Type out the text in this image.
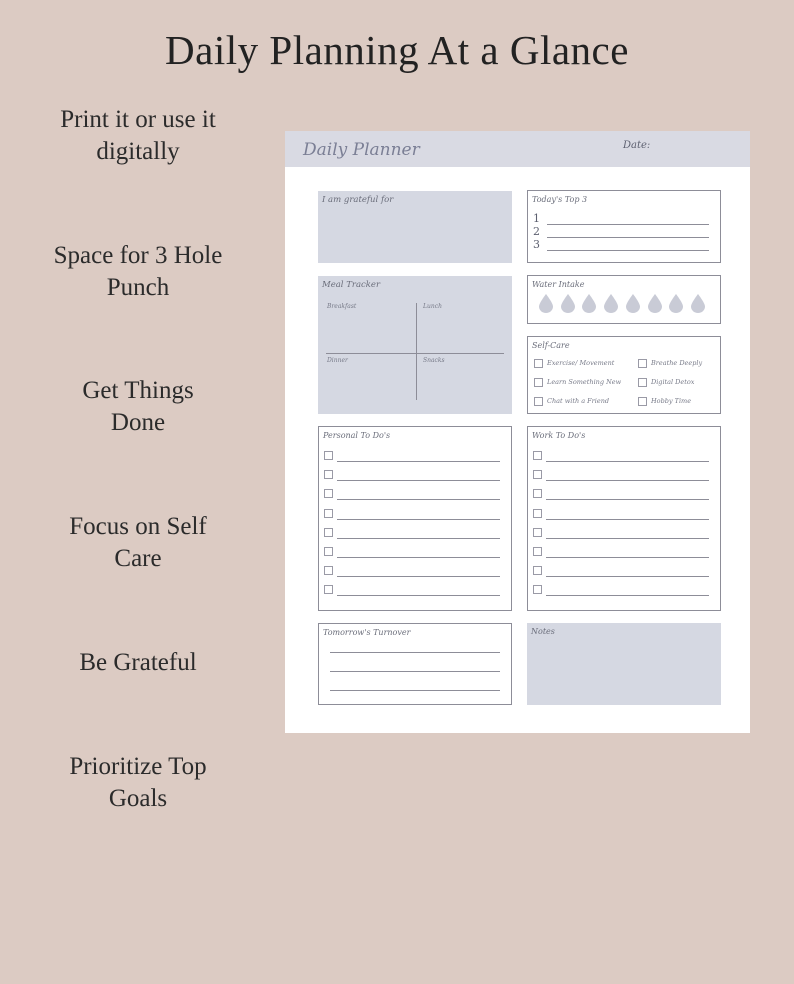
Daily Planning At a Glance
Print it or use it
digitally
Space for 3 Hole
Punch
Get Things
Done
Focus on Self
Care
Be Grateful
Prioritize Top
Goals
Daily Planner	Date:
I am grateful for	Today's Top 3
1
2
3
Meal Tracker
Breakfast	Lunch
Dinner	Snacks
Water Intake
Self-Care
Exercise/ Movement	Breathe Deeply
Learn Something New	Digital Detox
Chat with a Friend	Hobby Time
Personal To Do's	Work To Do's
Tomorrow's Turnover	Notes
